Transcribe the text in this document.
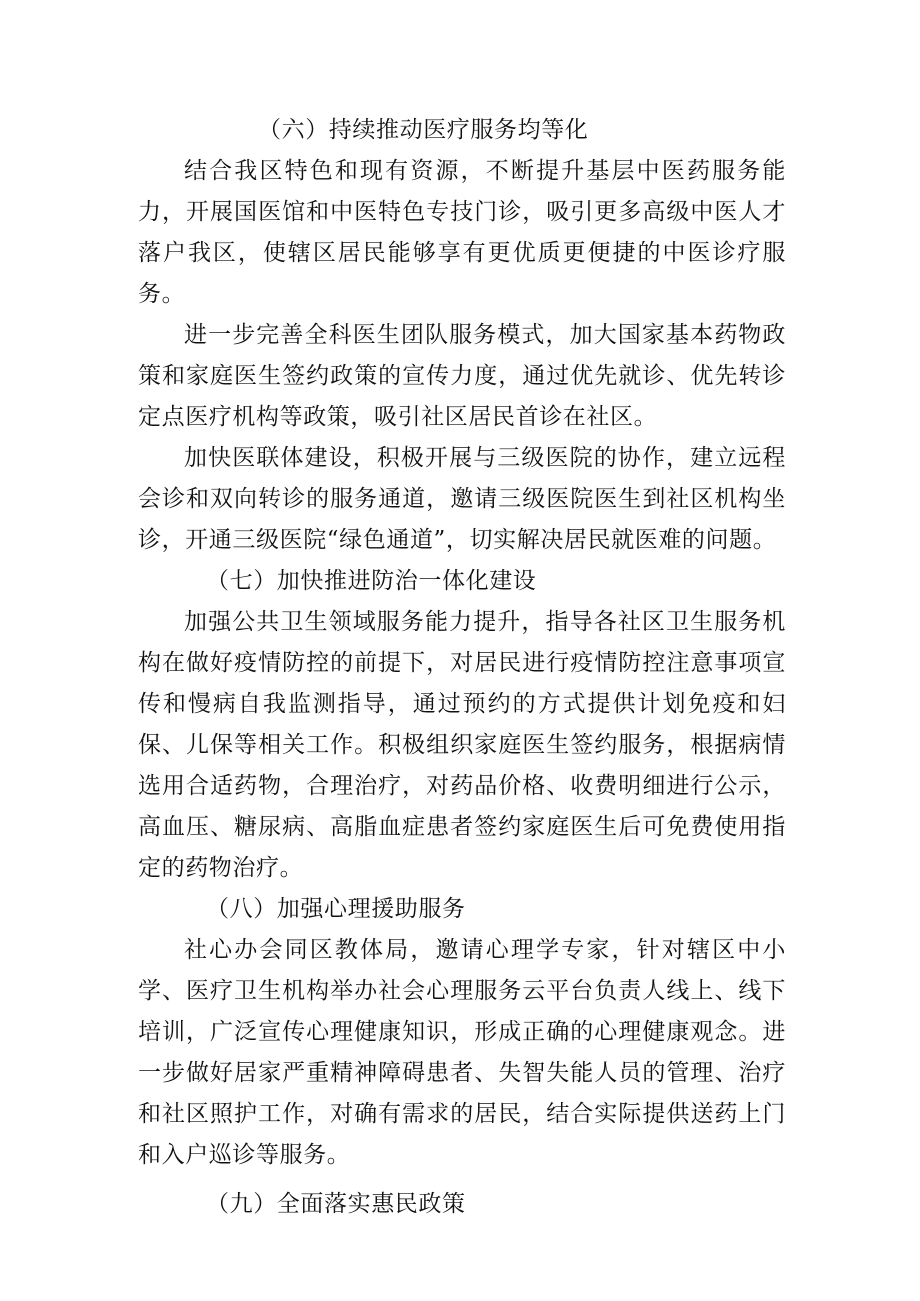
（六）持续推动医疗服务均等化

结合我区特色和现有资源，不断提升基层中医药服务能力，开展国医馆和中医特色专技门诊，吸引更多高级中医人才落户我区，使辖区居民能够享有更优质更便捷的中医诊疗服务。

进一步完善全科医生团队服务模式，加大国家基本药物政策和家庭医生签约政策的宣传力度，通过优先就诊、优先转诊定点医疗机构等政策，吸引社区居民首诊在社区。

加快医联体建设，积极开展与三级医院的协作，建立远程会诊和双向转诊的服务通道，邀请三级医院医生到社区机构坐诊，开通三级医院“绿色通道”，切实解决居民就医难的问题。

（七）加快推进防治一体化建设

加强公共卫生领域服务能力提升，指导各社区卫生服务机构在做好疫情防控的前提下，对居民进行疫情防控注意事项宣传和慢病自我监测指导，通过预约的方式提供计划免疫和妇保、儿保等相关工作。积极组织家庭医生签约服务，根据病情选用合适药物，合理治疗，对药品价格、收费明细进行公示，高血压、糖尿病、高脂血症患者签约家庭医生后可免费使用指定的药物治疗。

（八）加强心理援助服务

社心办会同区教体局，邀请心理学专家，针对辖区中小学、医疗卫生机构举办社会心理服务云平台负责人线上、线下培训，广泛宣传心理健康知识，形成正确的心理健康观念。进一步做好居家严重精神障碍患者、失智失能人员的管理、治疗和社区照护工作，对确有需求的居民，结合实际提供送药上门和入户巡诊等服务。

（九）全面落实惠民政策
